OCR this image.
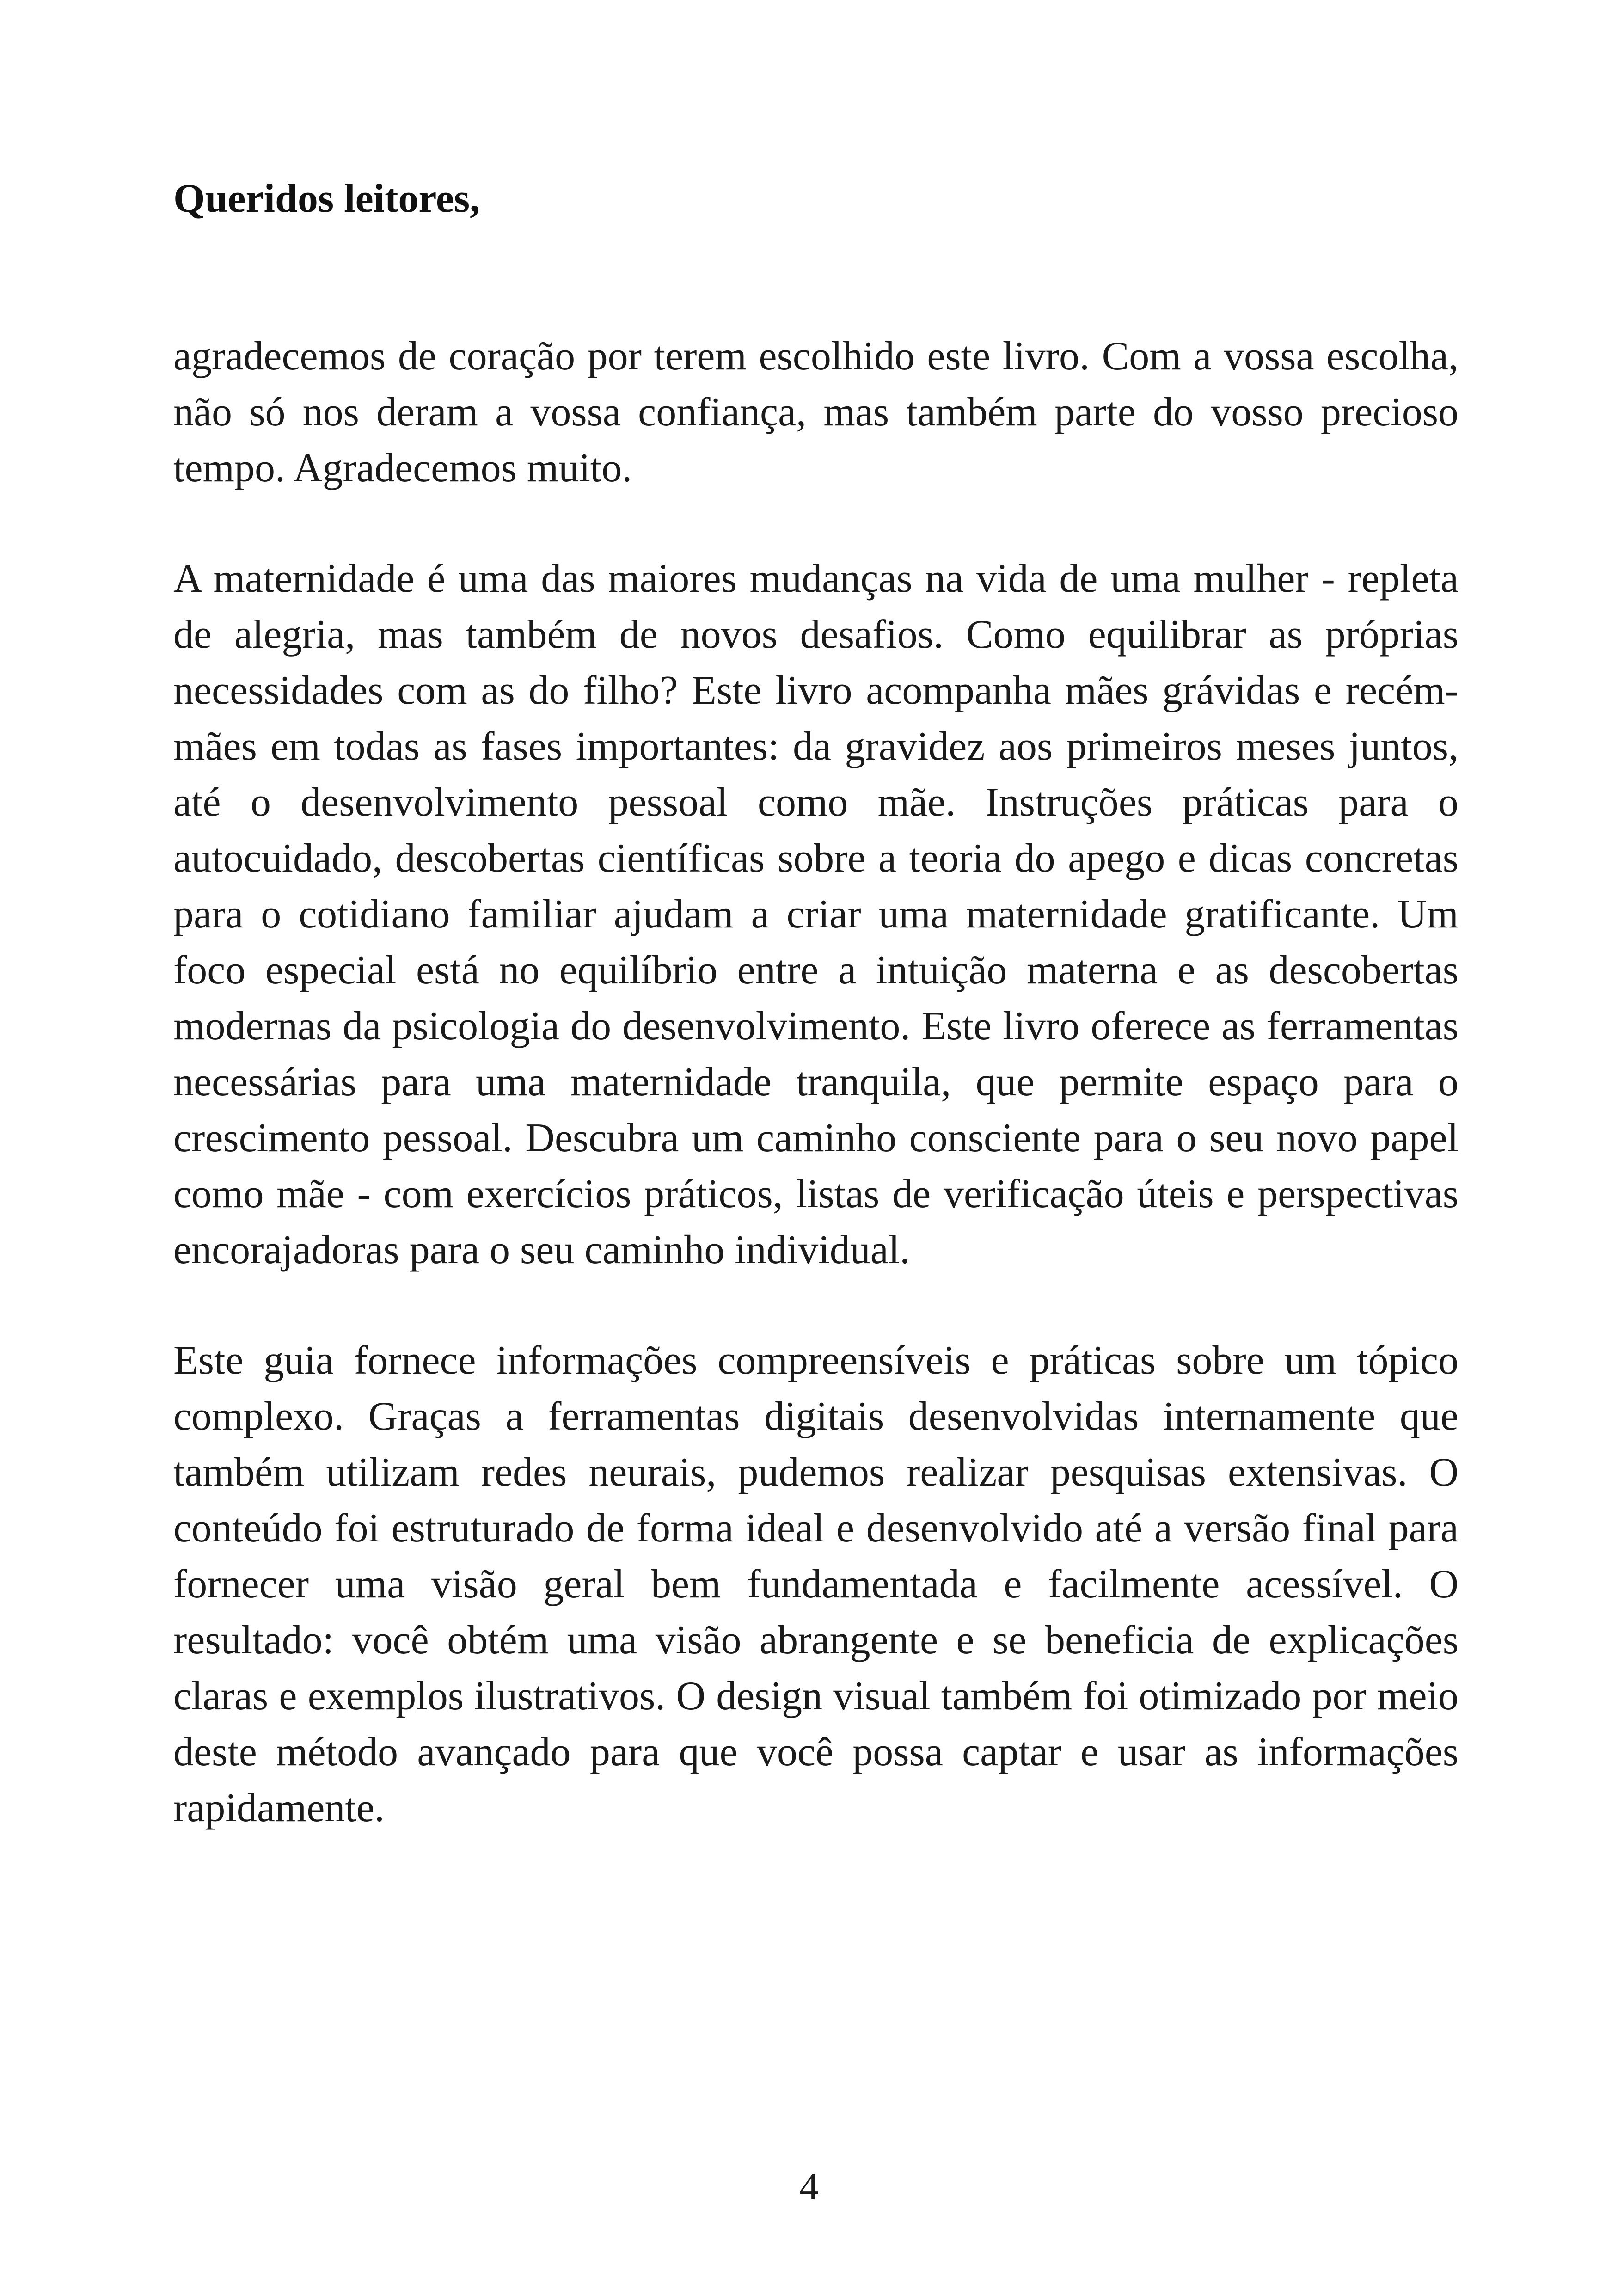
Queridos leitores,

agradecemos de coração por terem escolhido este livro. Com a vossa escolha, não só nos deram a vossa confiança, mas também parte do vosso precioso tempo. Agradecemos muito.

A maternidade é uma das maiores mudanças na vida de uma mulher - repleta de alegria, mas também de novos desafios. Como equilibrar as próprias necessidades com as do filho? Este livro acompanha mães grávidas e recém-mães em todas as fases importantes: da gravidez aos primeiros meses juntos, até o desenvolvimento pessoal como mãe. Instruções práticas para o autocuidado, descobertas científicas sobre a teoria do apego e dicas concretas para o cotidiano familiar ajudam a criar uma maternidade gratificante. Um foco especial está no equilíbrio entre a intuição materna e as descobertas modernas da psicologia do desenvolvimento. Este livro oferece as ferramentas necessárias para uma maternidade tranquila, que permite espaço para o crescimento pessoal. Descubra um caminho consciente para o seu novo papel como mãe - com exercícios práticos, listas de verificação úteis e perspectivas encorajadoras para o seu caminho individual.

Este guia fornece informações compreensíveis e práticas sobre um tópico complexo. Graças a ferramentas digitais desenvolvidas internamente que também utilizam redes neurais, pudemos realizar pesquisas extensivas. O conteúdo foi estruturado de forma ideal e desenvolvido até a versão final para fornecer uma visão geral bem fundamentada e facilmente acessível. O resultado: você obtém uma visão abrangente e se beneficia de explicações claras e exemplos ilustrativos. O design visual também foi otimizado por meio deste método avançado para que você possa captar e usar as informações rapidamente.

4
